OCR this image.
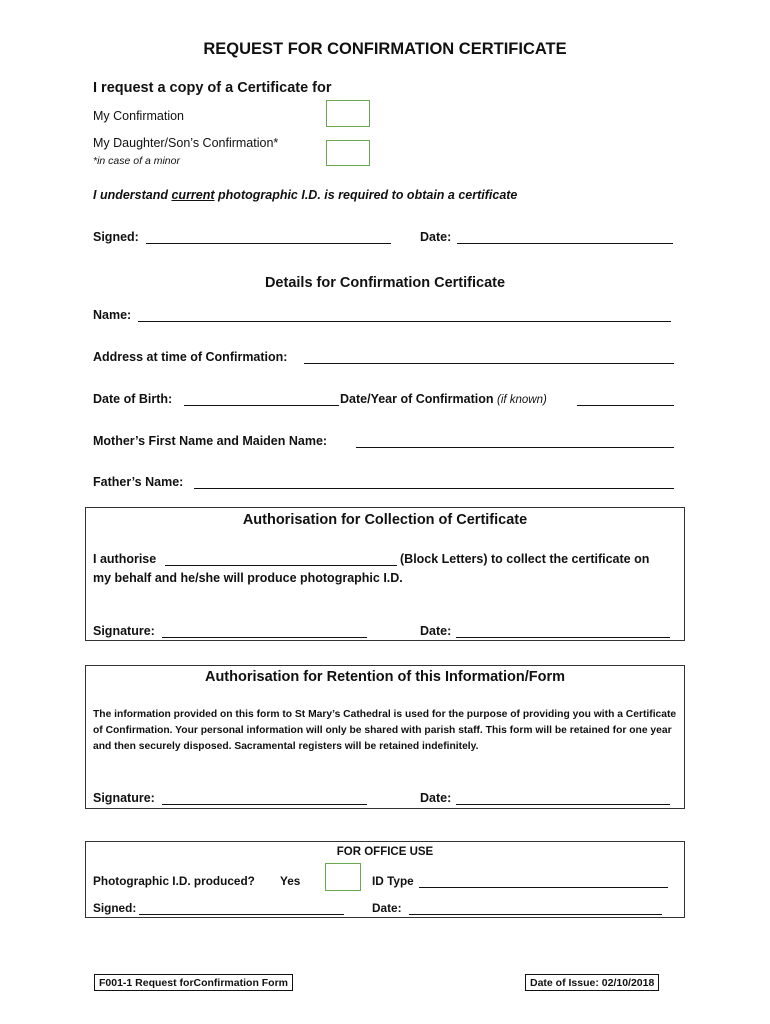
REQUEST FOR CONFIRMATION CERTIFICATE
I request a copy of a Certificate for
My Confirmation
My Daughter/Son’s Confirmation*
*in case of a minor
I understand current photographic I.D. is required to obtain a certificate
Signed:	Date:
Details for Confirmation Certificate
Name:
Address at time of Confirmation:
Date of Birth:	Date/Year of Confirmation (if known)
Mother’s First Name and Maiden Name:
Father’s Name:
Authorisation for Collection of Certificate
I authorise	(Block Letters) to collect the certificate on
my behalf and he/she will produce photographic I.D.
Signature:	Date:
Authorisation for Retention of this Information/Form
The information provided on this form to St Mary’s Cathedral is used for the purpose of providing you with a Certificate of Confirmation. Your personal information will only be shared with parish staff. This form will be retained for one year and then securely disposed. Sacramental registers will be retained indefinitely.
Signature:	Date:
FOR OFFICE USE
Photographic I.D. produced? Yes	ID Type
Signed:	Date:
F001-1 Request forConfirmation Form	Date of Issue: 02/10/2018
